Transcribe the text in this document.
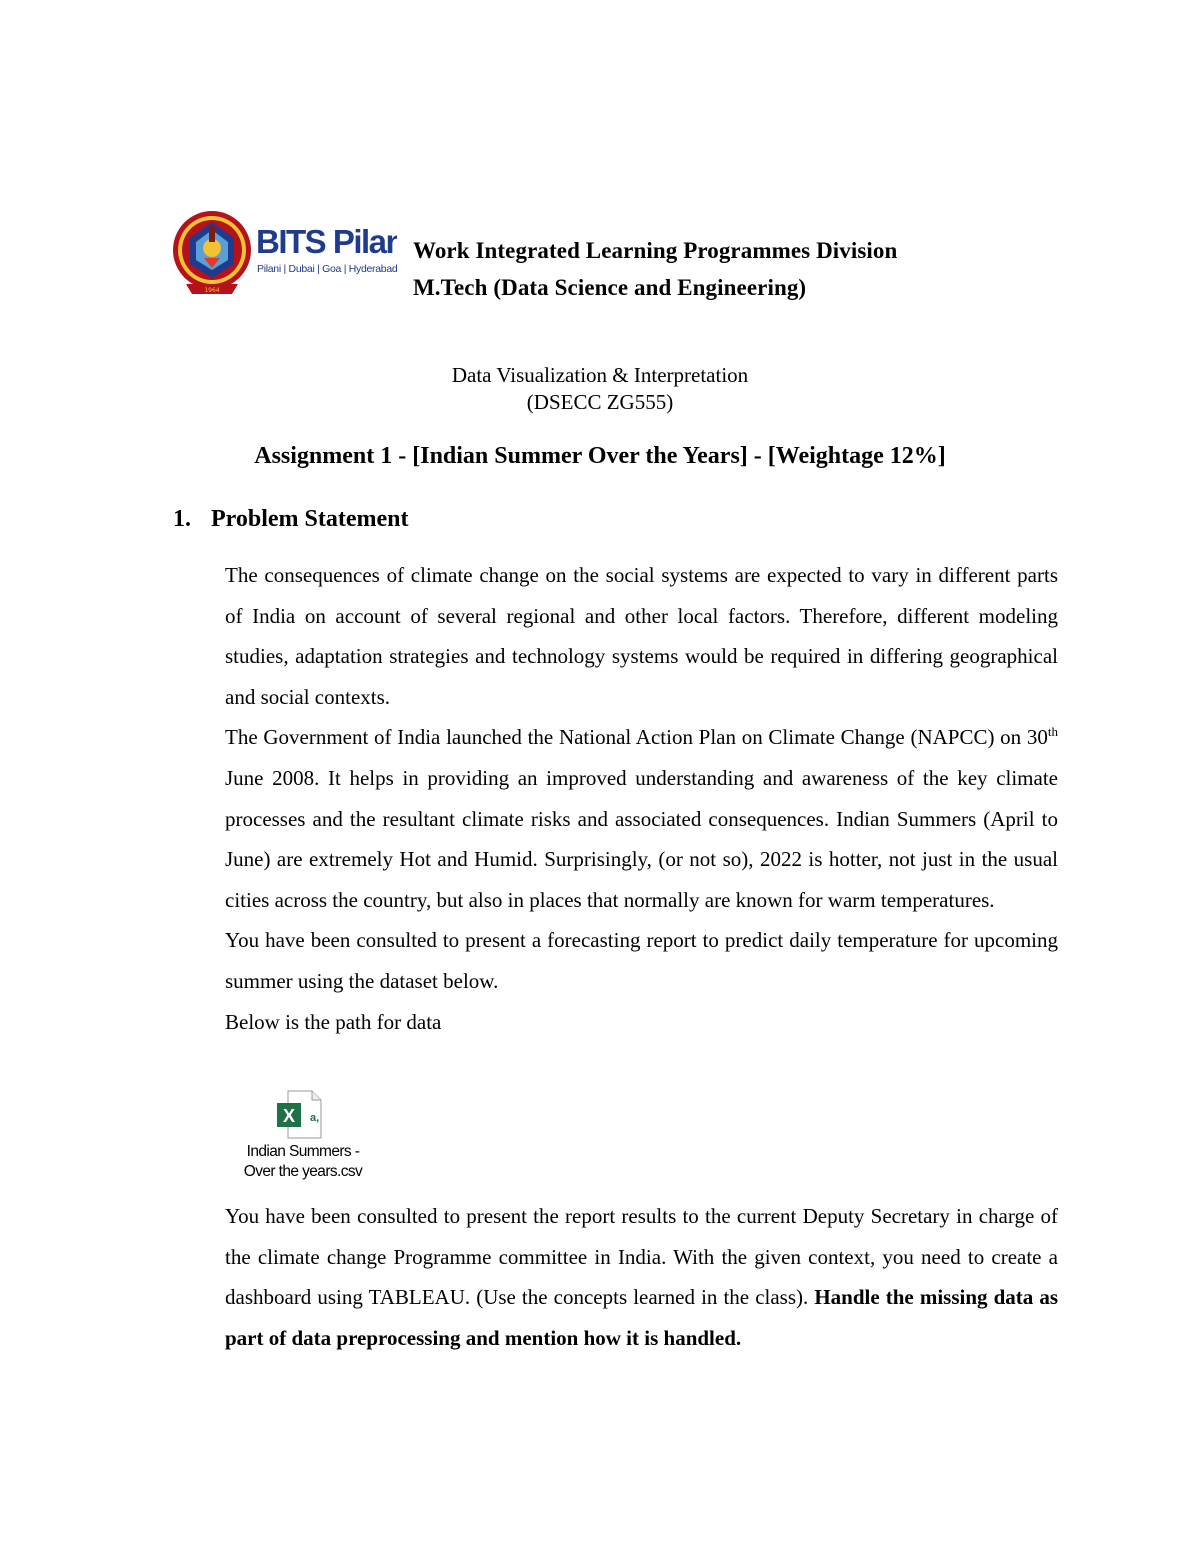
1964
BITS Pilani
Pilani | Dubai | Goa | Hyderabad
Work Integrated Learning Programmes Division
M.Tech (Data Science and Engineering)
Data Visualization & Interpretation
(DSECC ZG555)
Assignment 1 - [Indian Summer Over the Years] - [Weightage 12%]
1. Problem Statement

The consequences of climate change on the social systems are expected to vary in different parts of India on account of several regional and other local factors. Therefore, different modeling studies, adaptation strategies and technology systems would be required in differing geographical and social contexts.

The Government of India launched the National Action Plan on Climate Change (NAPCC) on 30th June 2008. It helps in providing an improved understanding and awareness of the key climate processes and the resultant climate risks and associated consequences. Indian Summers (April to June) are extremely Hot and Humid. Surprisingly, (or not so), 2022 is hotter, not just in the usual cities across the country, but also in places that normally are known for warm temperatures.

You have been consulted to present a forecasting report to predict daily temperature for upcoming summer using the dataset below.

Below is the path for data

X a,
Indian Summers -
Over the years.csv

You have been consulted to present the report results to the current Deputy Secretary in charge of the climate change Programme committee in India. With the given context, you need to create a dashboard using TABLEAU. (Use the concepts learned in the class). Handle the missing data as part of data preprocessing and mention how it is handled.
